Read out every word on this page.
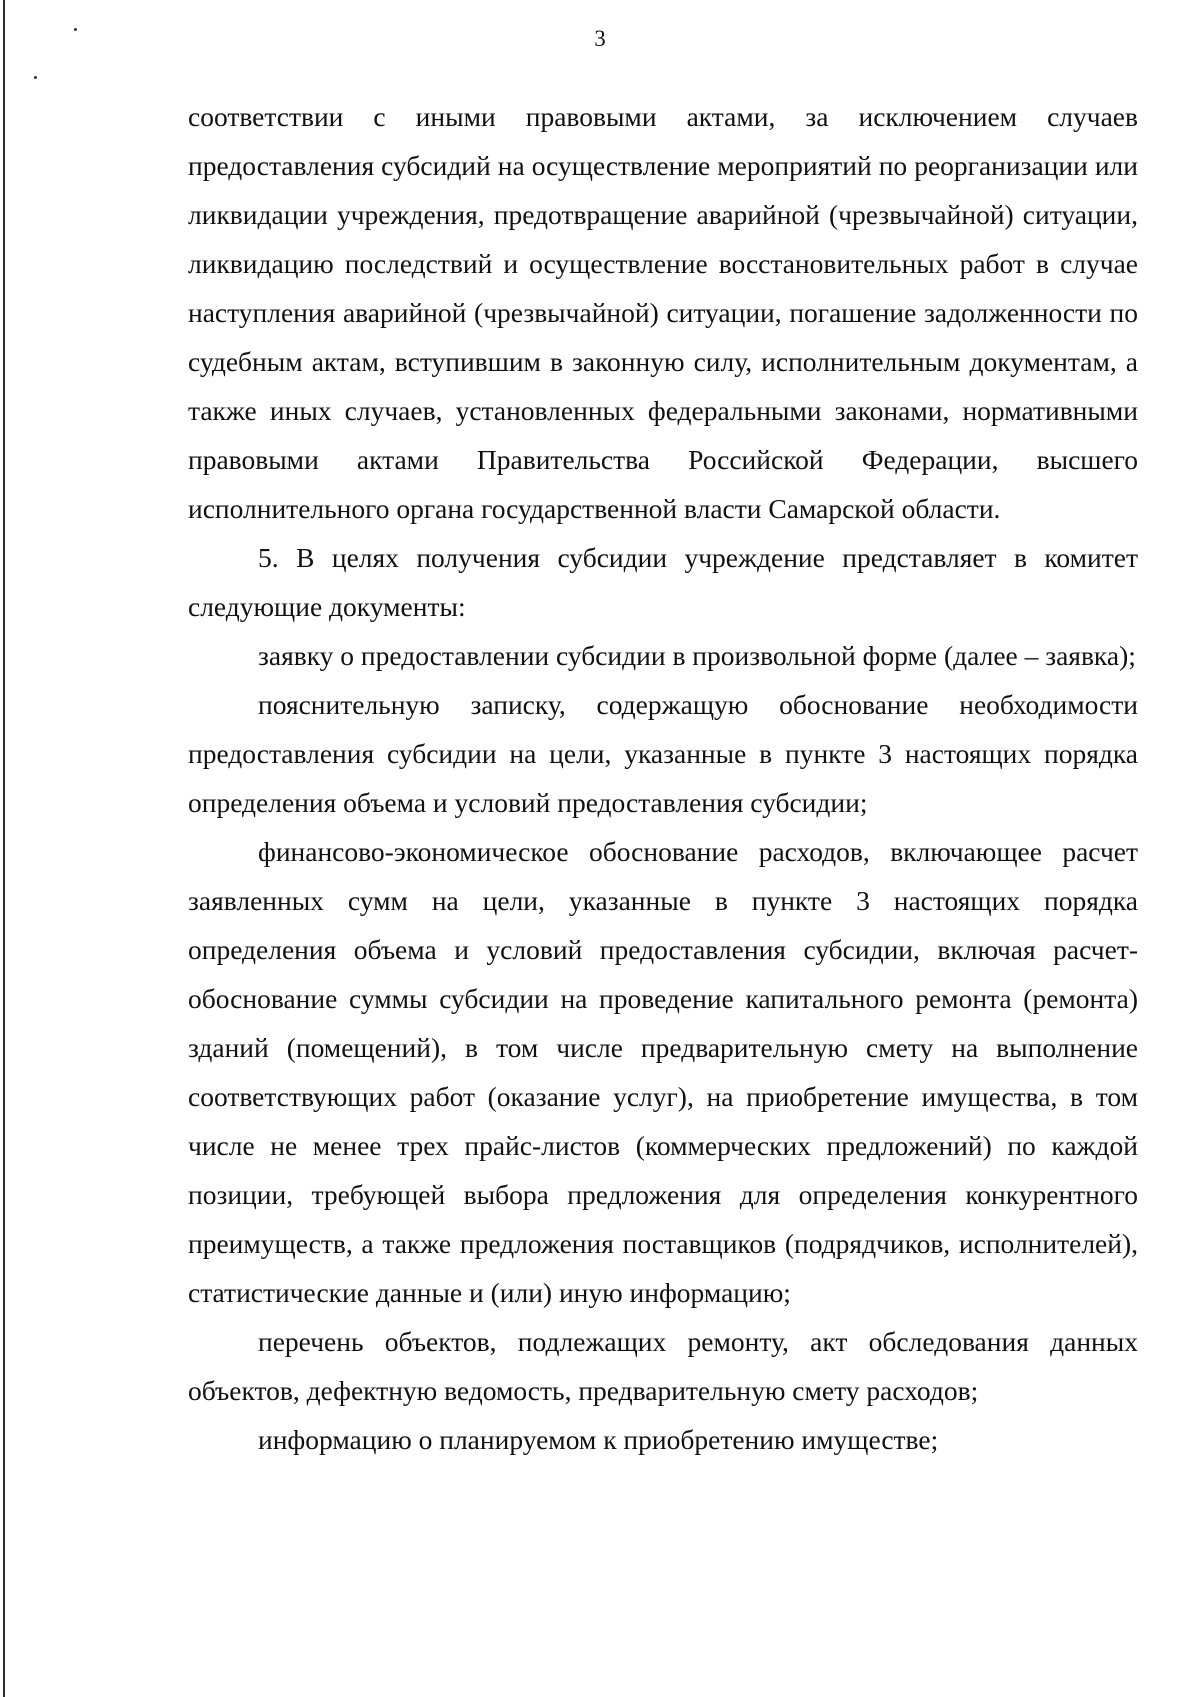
3

соответствии с иными правовыми актами, за исключением случаев предоставления субсидий на осуществление мероприятий по реорганизации или ликвидации учреждения, предотвращение аварийной (чрезвычайной) ситуации, ликвидацию последствий и осуществление восстановительных работ в случае наступления аварийной (чрезвычайной) ситуации, погашение задолженности по судебным актам, вступившим в законную силу, исполнительным документам, а также иных случаев, установленных федеральными законами, нормативными правовыми актами Правительства Российской Федерации, высшего исполнительного органа государственной власти Самарской области.

5. В целях получения субсидии учреждение представляет в комитет следующие документы:

заявку о предоставлении субсидии в произвольной форме (далее – заявка);

пояснительную записку, содержащую обоснование необходимости предоставления субсидии на цели, указанные в пункте 3 настоящих порядка определения объема и условий предоставления субсидии;

финансово-экономическое обоснование расходов, включающее расчет заявленных сумм на цели, указанные в пункте 3 настоящих порядка определения объема и условий предоставления субсидии, включая расчет-обоснование суммы субсидии на проведение капитального ремонта (ремонта) зданий (помещений), в том числе предварительную смету на выполнение соответствующих работ (оказание услуг), на приобретение имущества, в том числе не менее трех прайс-листов (коммерческих предложений) по каждой позиции, требующей выбора предложения для определения конкурентного преимуществ, а также предложения поставщиков (подрядчиков, исполнителей), статистические данные и (или) иную информацию;

перечень объектов, подлежащих ремонту, акт обследования данных объектов, дефектную ведомость, предварительную смету расходов;

информацию о планируемом к приобретению имуществе;
